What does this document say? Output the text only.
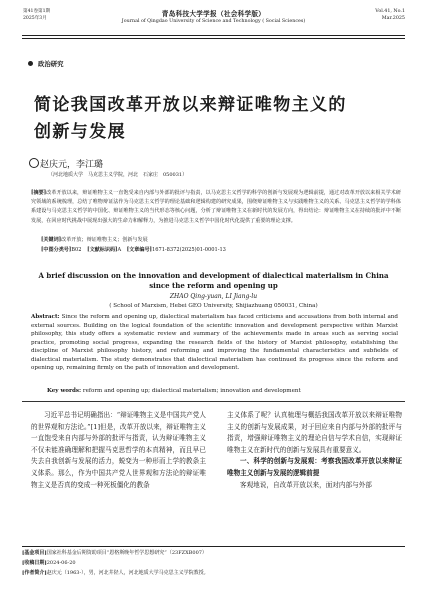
第41卷第1期
2025年3月	青岛科技大学学报（社会科学版）
Journal of Qingdao University of Science and Technology ( Social Sciences)
Vol.41, No.1
Mar.2025
政治研究
简论我国改革开放以来辩证唯物主义的
创新与发展
赵庆元，李江璐
（河北地质大学　马克思主义学院，河北　石家庄　050031）
[摘要]改革开放以来，辩证唯物主义一直饱受来自内部与外部的批评与指责，以马克思主义哲学的科学的创新与发展观为逻辑前提，通过对改革开放以来相关学术研究领域的系统梳理，总结了唯物辩证法作为马克思主义哲学的理论基础和逻辑构建的研究成果，围绕辩证唯物主义与实践唯物主义的关系、马克思主义哲学的学科体系建设与马克思主义哲学的中国化、辩证唯物主义的当代形态等核心问题，分析了辩证唯物主义在新时代的发展方向，得出结论：辩证唯物主义在持续的批评中不断发展，在回应时代挑战中展现出强大的生命力和解释力，为推进马克思主义哲学中国化时代化提供了重要的理论支撑。
[关键词]改革开放；辩证唯物主义；创新与发展
[中图分类号]B02 [文献标识码]A [文章编号]1671-8372(2025)01-0001-13
A brief discussion on the innovation and development of dialectical materialism in China since the reform and opening up
ZHAO Qing-yuan, LI Jiang-lu
( School of Marxism, Hebei GEO University, Shijiazhuang 050031, China)
Abstract: Since the reform and opening up, dialectical materialism has faced criticisms and accusations from both internal and external sources. Building on the logical foundation of the scientific innovation and development perspective within Marxist philosophy, this study offers a systematic review and summary of the achievements made in areas such as serving social practice, promoting social progress, expanding the research fields of the history of Marxist philosophy, establishing the discipline of Marxist philosophy history, and reforming and improving the fundamental characteristics and subfields of dialectical materialism. The study demonstrates that dialectical materialism has continued its progress since the reform and opening up, remaining firmly on the path of innovation and development.
Key words: reform and opening up; dialectical materialism; innovation and development
习近平总书记明确指出：“辩证唯物主义是中国共产党人的世界观和方法论。”[1]但是，改革开放以来，辩证唯物主义一直饱受来自内部与外部的批评与指责，认为辩证唯物主义不仅未能准确理解和把握马克思哲学的本真精神，而且早已失去自我创新与发展的活力，蜕变为一种形而上学的教条主义体系。那么，作为中国共产党人世界观和方法论的辩证唯物主义是否真的变成一种死板僵化的教条
主义体系了呢？认真梳理与概括我国改革开放以来辩证唯物主义的创新与发展成果，对于回应来自内部与外部的批评与指责，增强辩证唯物主义的理论自信与学术自信，实现辩证唯物主义在新时代的创新与发展具有重要意义。
一、科学的创新与发展观：考察我国改革开放以来辩证唯物主义创新与发展的逻辑前提
客观地说，自改革开放以来，面对内部与外部
[基金项目]国家社科基金后期资助项目“恩格斯晚年哲学思想研究”（23FZXB007）
[收稿日期]2024-06-20
[作者简介]赵庆元（1963-），男，河北井陉人，河北地质大学马克思主义学院教授。
